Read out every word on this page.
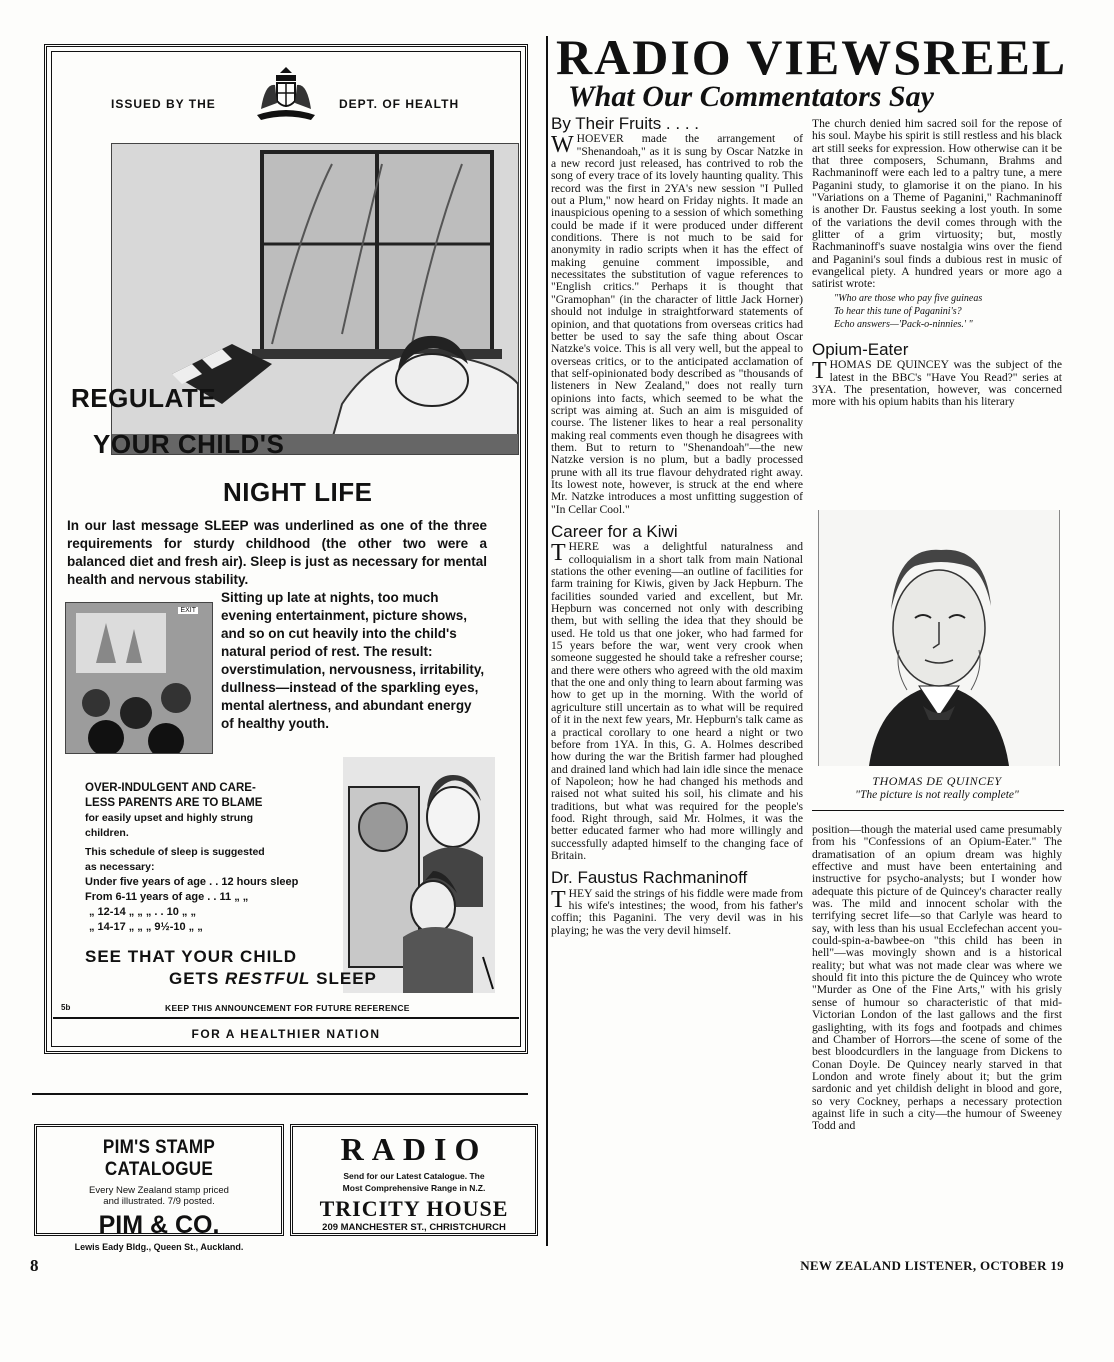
ISSUED BY THE	DEPT. OF HEALTH
REGULATE
YOUR CHILD'S
NIGHT LIFE
In our last message SLEEP was underlined as one of the three requirements for sturdy childhood (the other two were a balanced diet and fresh air). Sleep is just as necessary for mental health and nervous stability.
EXIT
Sitting up late at nights, too much evening entertainment, picture shows, and so on cut heavily into the child's natural period of rest. The result: overstimulation, nervousness, irritability, dullness—instead of the sparkling eyes, mental alertness, and abundant energy of healthy youth.
OVER-INDULGENT AND CARE-
LESS PARENTS ARE TO BLAME
for easily upset and highly strung
children.
This schedule of sleep is suggested
as necessary:
Under five years of age . . 12 hours sleep
From 6-11 years of age . . 11 „ „
„ 12-14 „ „ „ . . 10 „ „
„ 14-17 „ „ „ 9½-10 „ „
SEE THAT YOUR CHILD
GETS RESTFUL SLEEP
5b	KEEP THIS ANNOUNCEMENT FOR FUTURE REFERENCE
FOR A HEALTHIER NATION
PIM'S STAMP CATALOGUE
Every New Zealand stamp priced
and illustrated. 7/9 posted.
PIM & CO.
Lewis Eady Bldg., Queen St., Auckland.
RADIO
Send for our Latest Catalogue. The
Most Comprehensive Range in N.Z.
TRICITY HOUSE
209 MANCHESTER ST., CHRISTCHURCH
RADIO VIEWSREEL
What Our Commentators Say
By Their Fruits . . . .

WHOEVER made the arrangement of "Shenandoah," as it is sung by Oscar Natzke in a new record just released, has contrived to rob the song of every trace of its lovely haunting quality. This record was the first in 2YA's new session "I Pulled out a Plum," now heard on Friday nights. It made an inauspicious opening to a session of which something could be made if it were produced under different conditions. There is not much to be said for anonymity in radio scripts when it has the effect of making genuine comment impossible, and necessitates the substitution of vague references to "English critics." Perhaps it is thought that "Gramophan" (in the character of little Jack Horner) should not indulge in straightforward statements of opinion, and that quotations from overseas critics had better be used to say the safe thing about Oscar Natzke's voice. This is all very well, but the appeal to overseas critics, or to the anticipated acclamation of that self-opinionated body described as "thousands of listeners in New Zealand," does not really turn opinions into facts, which seemed to be what the script was aiming at. Such an aim is misguided of course. The listener likes to hear a real personality making real comments even though he disagrees with them. But to return to "Shenandoah"—the new Natzke version is no plum, but a badly processed prune with all its true flavour dehydrated right away. Its lowest note, however, is struck at the end where Mr. Natzke introduces a most unfitting suggestion of "In Cellar Cool."

Career for a Kiwi

THERE was a delightful naturalness and colloquialism in a short talk from main National stations the other evening—an outline of facilities for farm training for Kiwis, given by Jack Hepburn. The facilities sounded varied and excellent, but Mr. Hepburn was concerned not only with describing them, but with selling the idea that they should be used. He told us that one joker, who had farmed for 15 years before the war, went very crook when someone suggested he should take a refresher course; and there were others who agreed with the old maxim that the one and only thing to learn about farming was how to get up in the morning. With the world of agriculture still uncertain as to what will be required of it in the next few years, Mr. Hepburn's talk came as a practical corollary to one heard a night or two before from 1YA. In this, G. A. Holmes described how during the war the British farmer had ploughed and drained land which had lain idle since the menace of Napoleon; how he had changed his methods and raised not what suited his soil, his climate and his traditions, but what was required for the people's food. Right through, said Mr. Holmes, it was the better educated farmer who had more willingly and successfully adapted himself to the changing face of Britain.

Dr. Faustus Rachmaninoff

THEY said the strings of his fiddle were made from his wife's intestines; the wood, from his father's coffin; this Paganini. The very devil was in his playing; he was the very devil himself.

The church denied him sacred soil for the repose of his soul. Maybe his spirit is still restless and his black art still seeks for expression. How otherwise can it be that three composers, Schumann, Brahms and Rachmaninoff were each led to a paltry tune, a mere Paganini study, to glamorise it on the piano. In his "Variations on a Theme of Paganini," Rachmaninoff is another Dr. Faustus seeking a lost youth. In some of the variations the devil comes through with the glitter of a grim virtuosity; but, mostly Rachmaninoff's suave nostalgia wins over the fiend and Paganini's soul finds a dubious rest in music of evangelical piety. A hundred years or more ago a satirist wrote:

"Who are those who pay five guineas
To hear this tune of Paganini's?
Echo answers—'Pack-o-ninnies.' "
Opium-Eater

THOMAS DE QUINCEY was the subject of the latest in the BBC's "Have You Read?" series at 3YA. The presentation, however, was concerned more with his opium habits than his literary

THOMAS DE QUINCEY
"The picture is not really complete"

position—though the material used came presumably from his "Confessions of an Opium-Eater." The dramatisation of an opium dream was highly effective and must have been entertaining and instructive for psycho-analysts; but I wonder how adequate this picture of de Quincey's character really was. The mild and innocent scholar with the terrifying secret life—so that Carlyle was heard to say, with less than his usual Ecclefechan accent you-could-spin-a-bawbee-on "this child has been in hell"—was movingly shown and is a historical reality; but what was not made clear was where we should fit into this picture the de Quincey who wrote "Murder as One of the Fine Arts," with his grisly sense of humour so characteristic of that mid-Victorian London of the last gallows and the first gaslighting, with its fogs and footpads and chimes and Chamber of Horrors—the scene of some of the best bloodcurdlers in the language from Dickens to Conan Doyle. De Quincey nearly starved in that London and wrote finely about it; but the grim sardonic and yet childish delight in blood and gore, so very Cockney, perhaps a necessary protection against life in such a city—the humour of Sweeney Todd and

8	NEW ZEALAND LISTENER, OCTOBER 19
